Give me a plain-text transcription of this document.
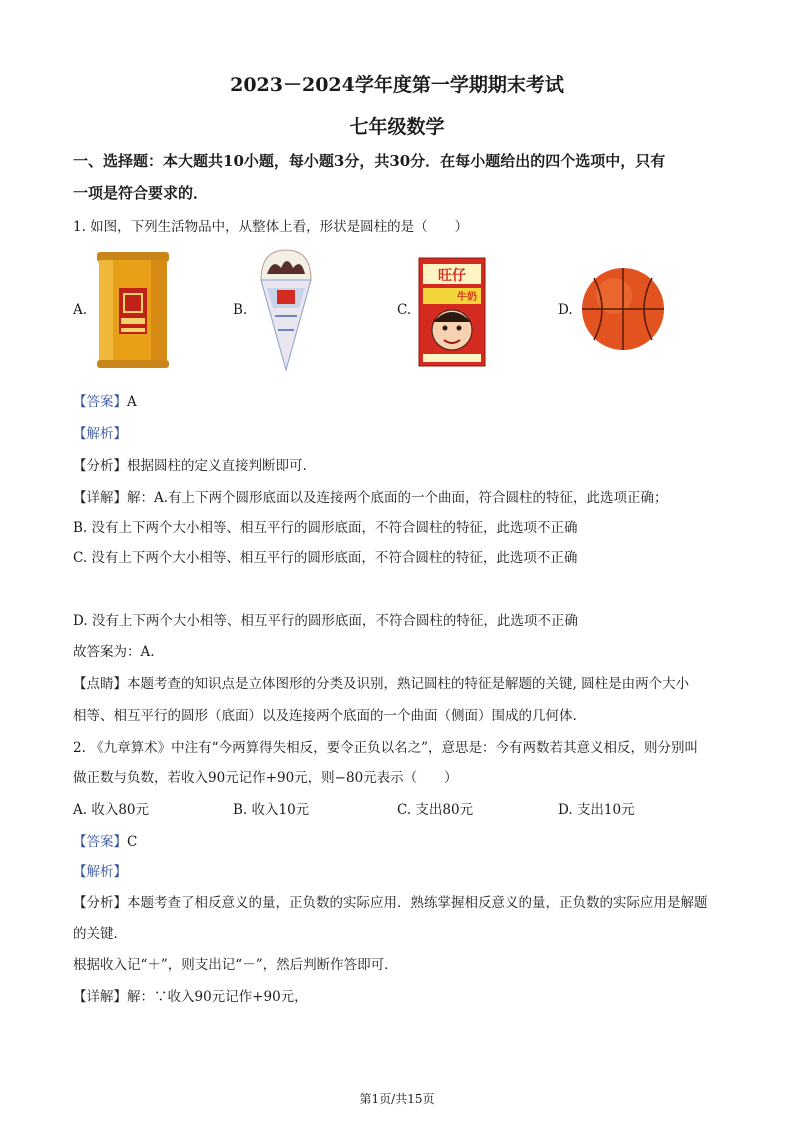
2023－2024学年度第一学期期末考试
七年级数学
一、选择题：本大题共10小题，每小题3分，共30分．在每小题给出的四个选项中，只有
一项是符合要求的．
1. 如图，下列生活物品中，从整体上看，形状是圆柱的是（　　）
A.	B.	C.
旺仔
牛奶
D.
【答案】A
【解析】
【分析】根据圆柱的定义直接判断即可.
【详解】解：A.有上下两个圆形底面以及连接两个底面的一个曲面，符合圆柱的特征，此选项正确；
B. 没有上下两个大小相等、相互平行的圆形底面，不符合圆柱的特征，此选项不正确
C. 没有上下两个大小相等、相互平行的圆形底面，不符合圆柱的特征，此选项不正确
D. 没有上下两个大小相等、相互平行的圆形底面，不符合圆柱的特征，此选项不正确
故答案为：A.
【点睛】本题考查的知识点是立体图形的分类及识别，熟记圆柱的特征是解题的关键, 圆柱是由两个大小
相等、相互平行的圆形（底面）以及连接两个底面的一个曲面（侧面）围成的几何体.
2. 《九章算术》中注有“今两算得失相反，要令正负以名之”，意思是：今有两数若其意义相反，则分别叫
做正数与负数，若收入90元记作+90元，则−80元表示（　　）
A. 收入80元	B. 收入10元	C. 支出80元	D. 支出10元
【答案】C
【解析】
【分析】本题考查了相反意义的量，正负数的实际应用．熟练掌握相反意义的量，正负数的实际应用是解题
的关键．
根据收入记“＋”，则支出记“－”，然后判断作答即可．
【详解】解：∵收入90元记作+90元，
第1页/共15页
